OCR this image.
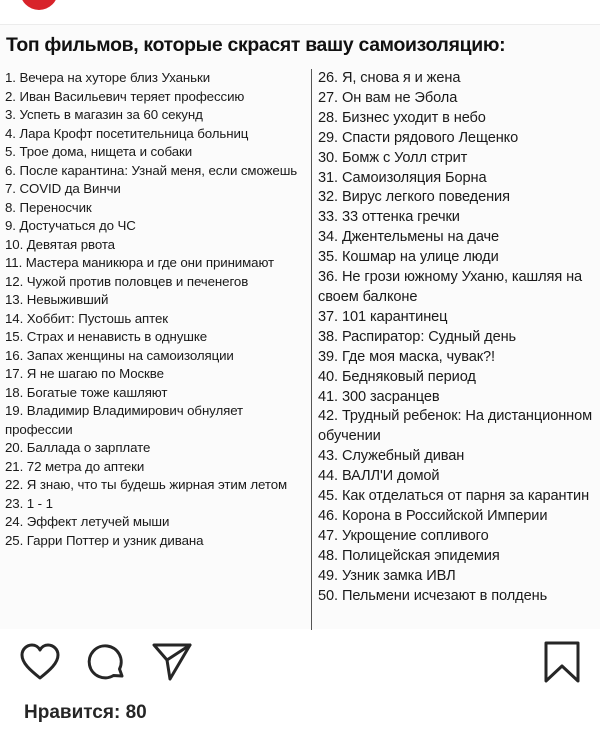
Топ фильмов, которые скрасят вашу самоизоляцию:
1. Вечера на хуторе близ Уханьки
2. Иван Васильевич теряет профессию
3. Успеть в магазин за 60 секунд
4. Лара Крофт посетительница больниц
5. Трое дома, нищета и собаки
6. После карантина: Узнай меня, если сможешь
7. COVID да Винчи
8. Переносчик
9. Достучаться до ЧС
10. Девятая рвота
11. Мастера маникюра и где они принимают
12. Чужой против половцев и печенегов
13. Невыживший
14. Хоббит: Пустошь аптек
15. Страх и ненависть в однушке
16. Запах женщины на самоизоляции
17. Я не шагаю по Москве
18. Богатые тоже кашляют
19. Владимир Владимирович обнуляет профессии
20. Баллада о зарплате
21. 72 метра до аптеки
22. Я знаю, что ты будешь жирная этим летом
23. 1 - 1
24. Эффект летучей мыши
25. Гарри Поттер и узник дивана
26. Я, снова я и жена
27. Он вам не Эбола
28. Бизнес уходит в небо
29. Спасти рядового Лещенко
30. Бомж с Уолл стрит
31. Самоизоляция Борна
32. Вирус легкого поведения
33. 33 оттенка гречки
34. Джентельмены на даче
35. Кошмар на улице люди
36. Не грози южному Уханю, кашляя на своем балконе
37. 101 карантинец
38. Распиратор: Судный день
39. Где моя маска, чувак?!
40. Бедняковый период
41. 300 засранцев
42. Трудный ребенок: На дистанционном обучении
43. Служебный диван
44. ВАЛЛ'И домой
45. Как отделаться от парня за карантин
46. Корона в Российской Империи
47. Укрощение сопливого
48. Полицейская эпидемия
49. Узник замка ИВЛ
50. Пельмени исчезают в полдень
Нравится: 80
